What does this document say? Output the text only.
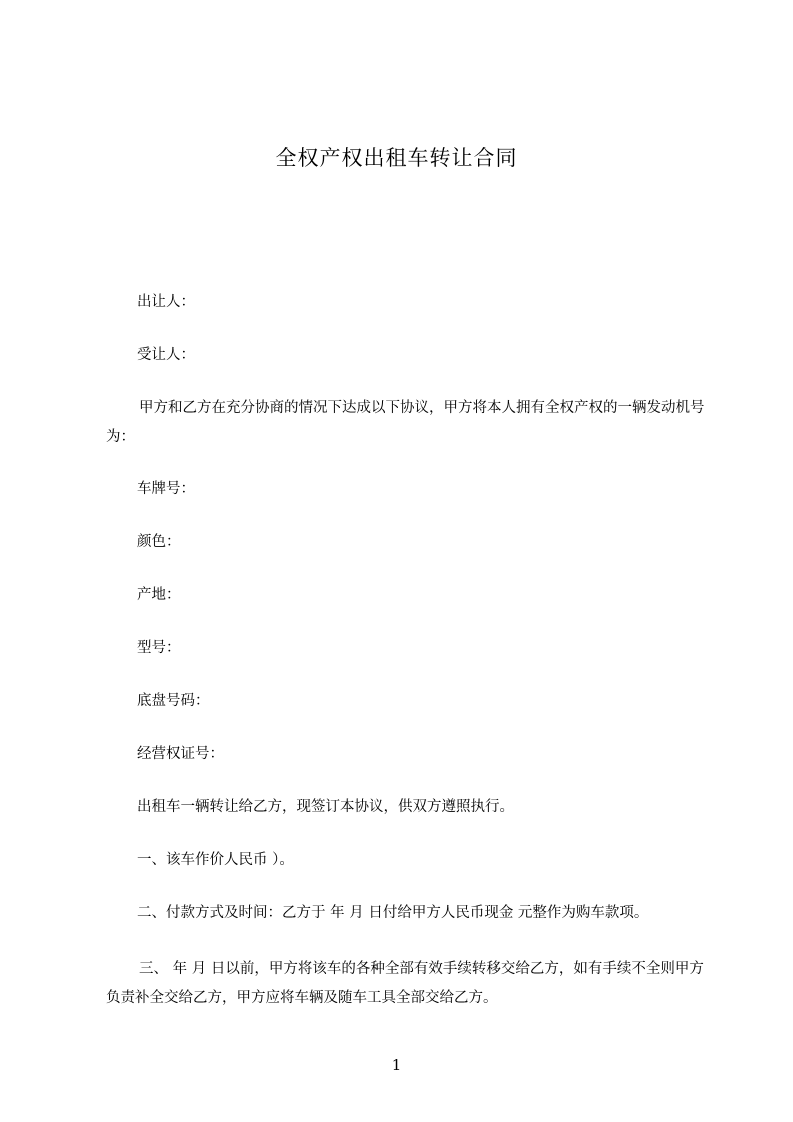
全权产权出租车转让合同
出让人：
受让人：
甲方和乙方在充分协商的情况下达成以下协议，甲方将本人拥有全权产权的一辆发动机号为：
车牌号：
颜色：
产地：
型号：
底盘号码：
经营权证号：
出租车一辆转让给乙方，现签订本协议，供双方遵照执行。
一、该车作价人民币 ）。
二、付款方式及时间：乙方于 年 月 日付给甲方人民币现金 元整作为购车款项。
三、 年 月 日以前，甲方将该车的各种全部有效手续转移交给乙方，如有手续不全则甲方负责补全交给乙方，甲方应将车辆及随车工具全部交给乙方。
1
